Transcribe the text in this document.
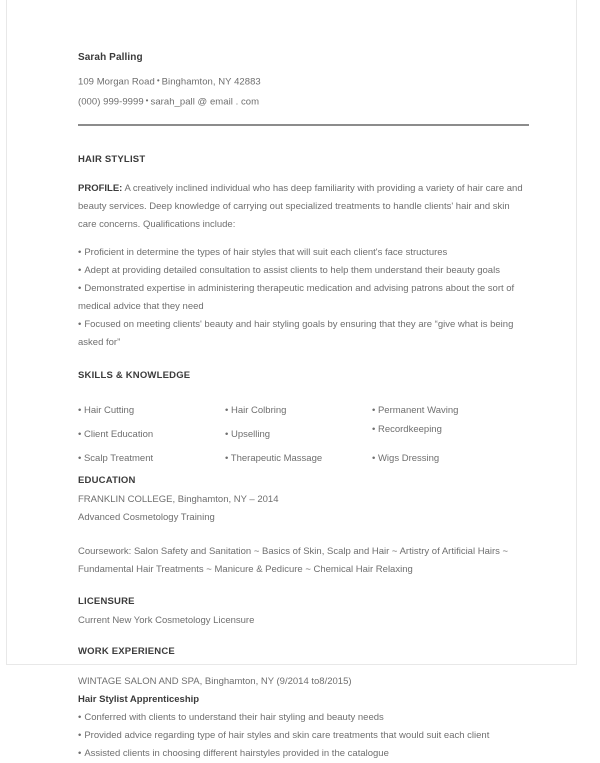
Sarah Palling
109 Morgan Road • Binghamton, NY 42883
(000) 999-9999 • sarah_pall @ email . com
HAIR STYLIST
PROFILE: A creatively inclined individual who has deep familiarity with providing a variety of hair care and beauty services. Deep knowledge of carrying out specialized treatments to handle clients' hair and skin care concerns. Qualifications include:
• Proficient in determine the types of hair styles that will suit each client's face structures
• Adept at providing detailed consultation to assist clients to help them understand their beauty goals
• Demonstrated expertise in administering therapeutic medication and advising patrons about the sort of medical advice that they need
• Focused on meeting clients' beauty and hair styling goals by ensuring that they are “give what is being asked for”
SKILLS & KNOWLEDGE
• Hair Cutting
• Client Education
• Scalp Treatment
• Hair Colbring
• Upselling
• Therapeutic Massage
• Permanent Waving
• Recordkeeping
• Wigs Dressing
EDUCATION
FRANKLIN COLLEGE, Binghamton, NY – 2014
Advanced Cosmetology Training
Coursework: Salon Safety and Sanitation ~ Basics of Skin, Scalp and Hair ~ Artistry of Artificial Hairs ~ Fundamental Hair Treatments ~ Manicure & Pedicure ~ Chemical Hair Relaxing
LICENSURE
Current New York Cosmetology Licensure
WORK EXPERIENCE
WINTAGE SALON AND SPA, Binghamton, NY (9/2014 to8/2015)
Hair Stylist Apprenticeship
• Conferred with clients to understand their hair styling and beauty needs
• Provided advice regarding type of hair styles and skin care treatments that would suit each client
• Assisted clients in choosing different hairstyles provided in the catalogue
